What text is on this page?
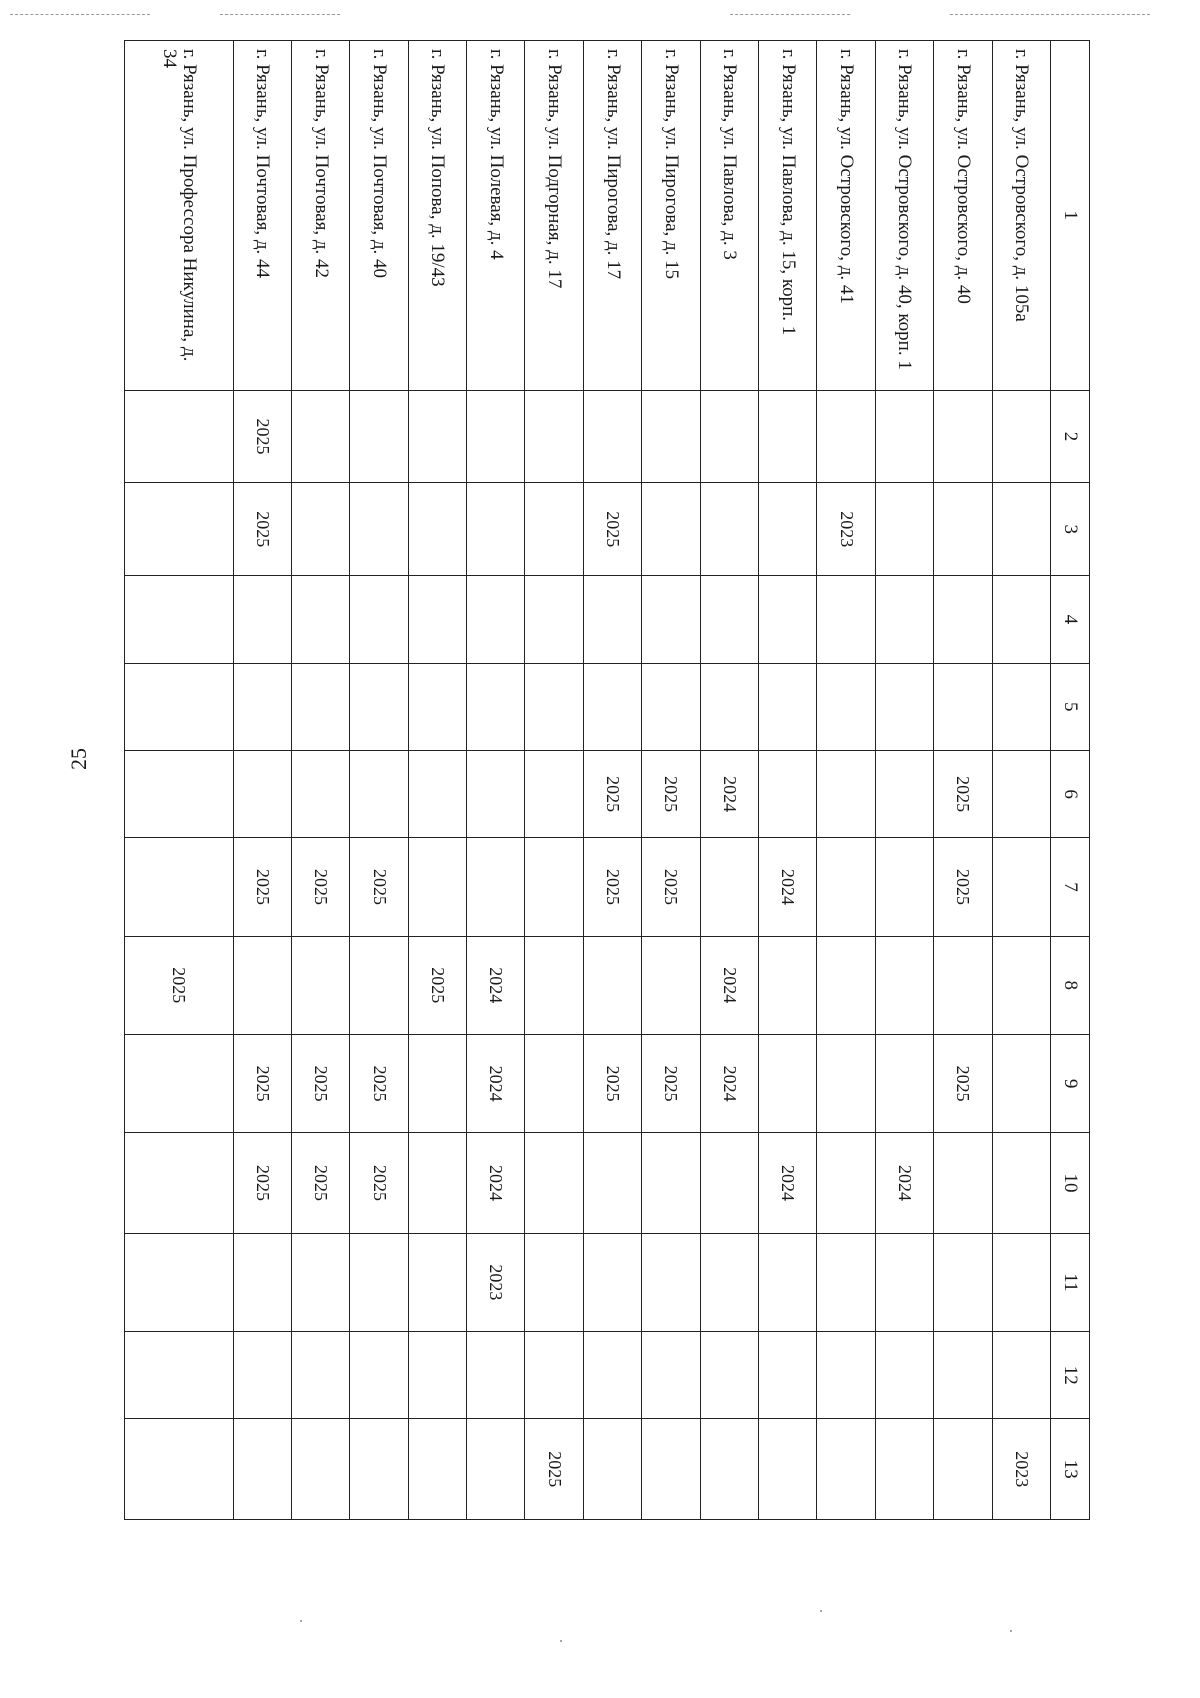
25
1	2	3	4	5	6	7	8	9	10	11	12	13
г. Рязань, ул. Островского, д. 105а												2023
г. Рязань, ул. Островского, д. 40					2025	2025		2025				
г. Рязань, ул. Островского, д. 40, корп. 1									2024			
г. Рязань, ул. Островского, д. 41		2023										
г. Рязань, ул. Павлова, д. 15, корп. 1						2024			2024			
г. Рязань, ул. Павлова, д. 3					2024		2024	2024				
г. Рязань, ул. Пирогова, д. 15					2025	2025		2025				
г. Рязань, ул. Пирогова, д. 17		2025			2025	2025		2025				
г. Рязань, ул. Подгорная, д. 17												2025
г. Рязань, ул. Полевая, д. 4							2024	2024	2024	2023		
г. Рязань, ул. Попова, д. 19/43							2025					
г. Рязань, ул. Почтовая, д. 40						2025		2025	2025			
г. Рязань, ул. Почтовая, д. 42						2025		2025	2025			
г. Рязань, ул. Почтовая, д. 44	2025	2025				2025		2025	2025			
г. Рязань, ул. Профессора Никулина, д. 34							2025					
